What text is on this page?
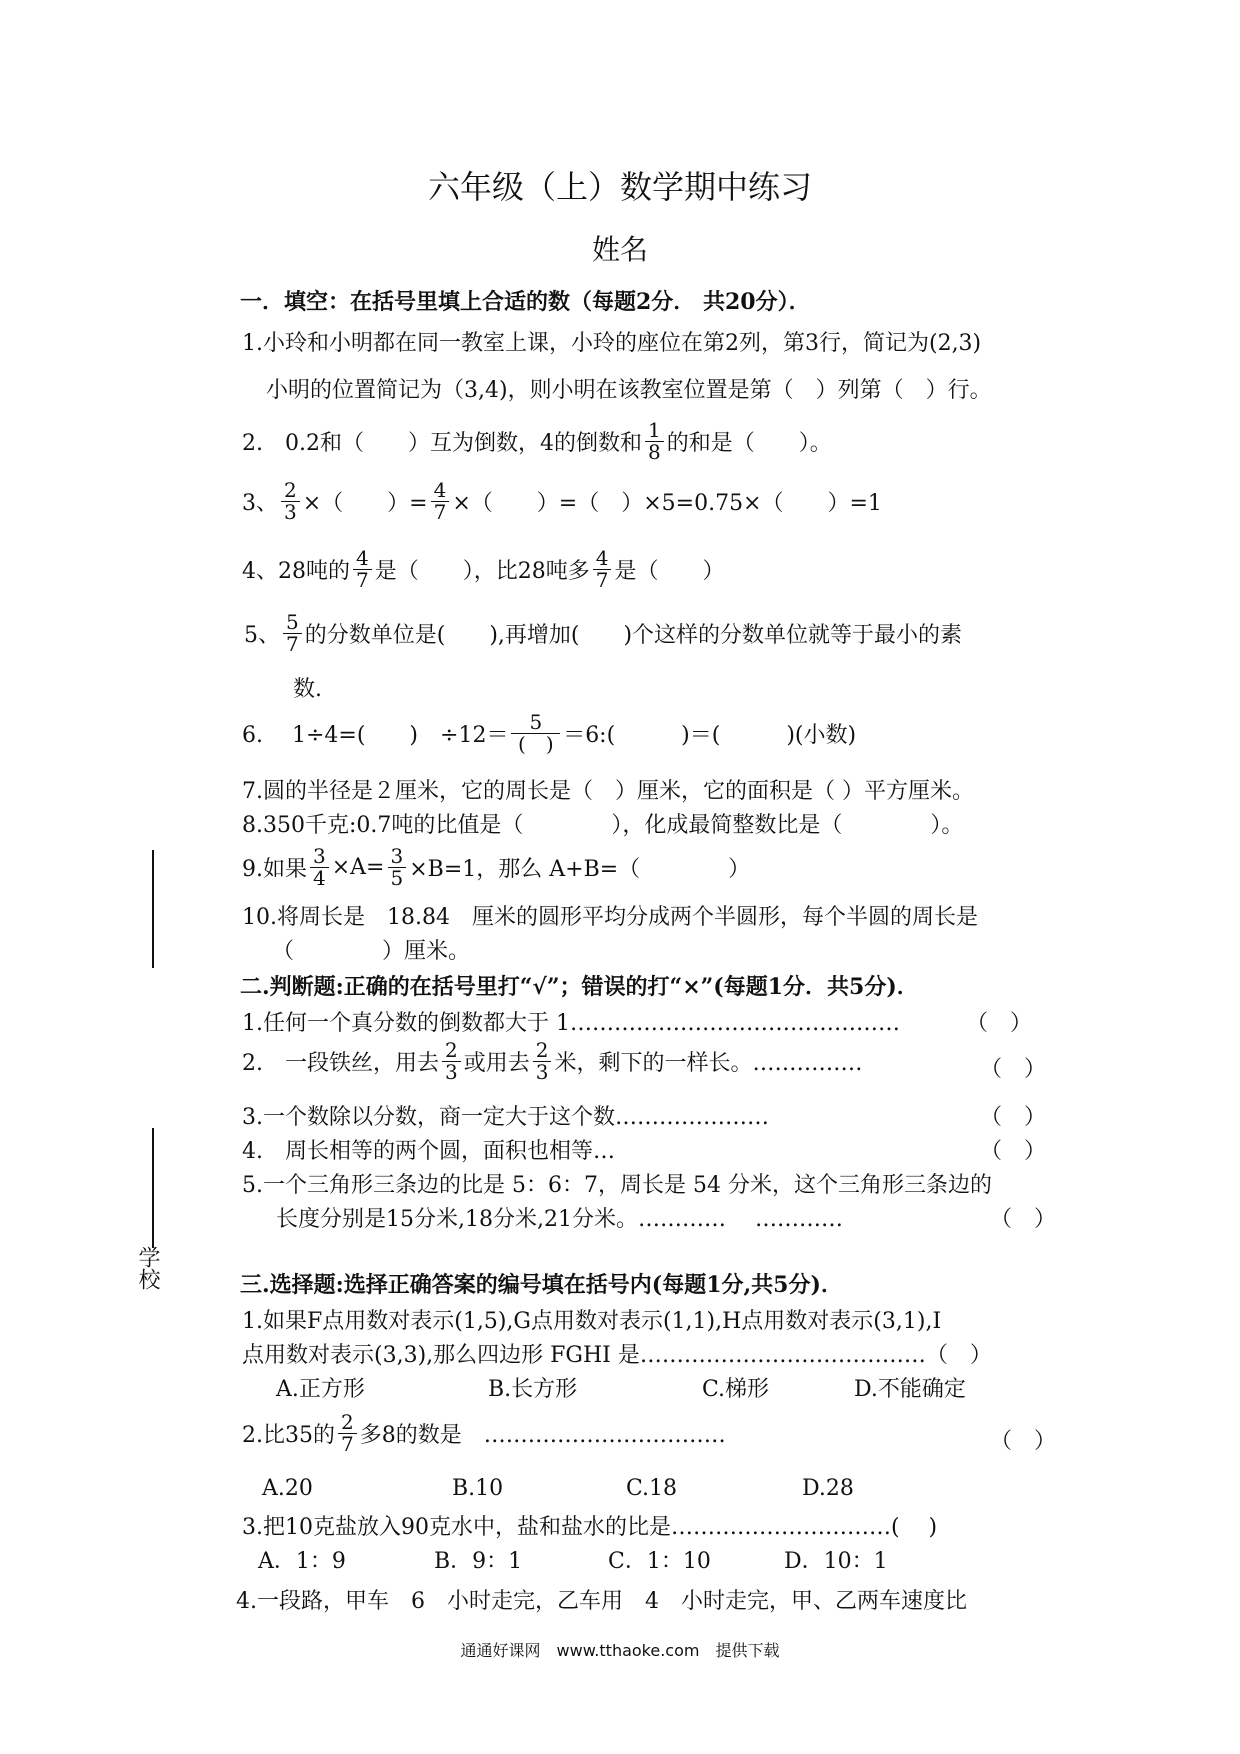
六年级（上）数学期中练习
姓名
一．填空：在括号里填上合适的数（每题2分． 共20分）．
1.小玲和小明都在同一教室上课，小玲的座位在第2列，第3行，简记为(2,3)
小明的位置简记为（3,4)，则小明在该教室位置是第（　）列第（　）行。
2.　0.2和（　　）互为倒数，4的倒数和 $\frac{1}{8}$ 的和是（　　）。
3、 $\frac{2}{3}$ ×（　　）= $\frac{4}{7}$ ×（　　）=（　）×5=0.75×（　　）=1
4、28吨的 $\frac{4}{7}$ 是（　　），比28吨多 $\frac{4}{7}$ 是（　　）
5、 $\frac{5}{7}$ 的分数单位是(　　),再增加(　　)个这样的分数单位就等于最小的素
数.
6.　 1÷4=(　　)　$\div 12= \frac{5}{( )}$ ＝6:(　　　)＝(　　　)(小数)
7.圆的半径是２厘米，它的周长是（　）厘米，它的面积是（ ）平方厘米。
8.350千克:0.7吨的比值是（　　　　），化成最简整数比是（　　　　）。
9.如果 $\frac{3}{4} \times A= \frac{3}{5} \times B=1$，那么 A+B=（　　　　）
10.将周长是　18.84　厘米的圆形平均分成两个半圆形，每个半圆的周长是
（　　　　）厘米。
二.判断题:正确的在括号里打“√”；错误的打“×”(每题1分．共5分)．
1.任何一个真分数的倒数都大于 1………………………………………	（　）
2.　一段铁丝，用去 $\frac{2}{3}$ 或用去 $\frac{2}{3}$ 米，剩下的一样长。……………	（　）
3.一个数除以分数，商一定大于这个数…………………	（　）
4.　周长相等的两个圆，面积也相等…	（　）
5.一个三角形三条边的比是 5：6：7，周长是 54 分米，这个三角形三条边的
长度分别是15分米,18分米,21分米。…………　 …………	（　）
三.选择题:选择正确答案的编号填在括号内(每题1分,共5分)．
1.如果F点用数对表示(1,5),G点用数对表示(1,1),H点用数对表示(3,1),I
点用数对表示(3,3),那么四边形 FGHI 是…………………………………（　）
A.正方形	B.长方形	C.梯形	D.不能确定
2.比35的 $\frac{2}{7}$ 多8的数是　……………………………	（　）
A.20	B.10	C.18	D.28
3.把10克盐放入90克水中，盐和盐水的比是…………………………(　 )
A．1：9	B．9：1	C．1：10	D．10：1
4.一段路，甲车　6　小时走完，乙车用　4　小时走完，甲、乙两车速度比
学校
通通好课网　www.tthaoke.com　提供下载
